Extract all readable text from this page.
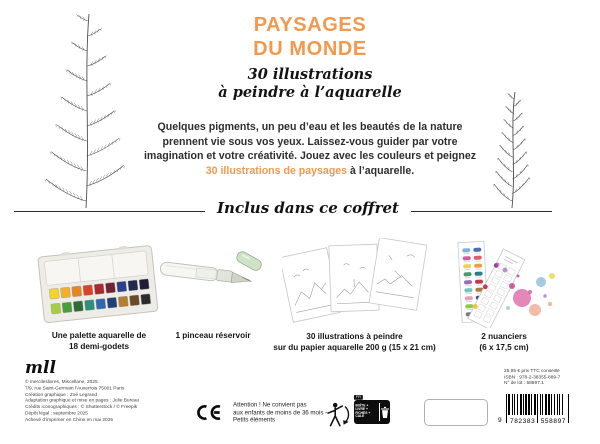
PAYSAGES
DU MONDE
30 illustrations
à peindre à l’aquarelle

Quelques pigments, un peu d’eau et les beautés de la nature prennent vie sous vos yeux. Laissez-vous guider par votre imagination et votre créativité. Jouez avec les couleurs et peignez 30 illustrations de paysages à l’aquarelle.

Inclus dans ce coffret
Une palette aquarelle de
18 demi-godets
1 pinceau réservoir	30 illustrations à peindre
sur du papier aquarelle 200 g (15 x 21 cm)
2 nuanciers
(6 x 17,5 cm)
mll
© mercileslivres, Miscellane, 2025
7/9, rue Saint-Germain l’Auxerrois 75001 Paris
Création graphique : Zoé Legrand
Adaptation graphique et mise en pages : Julie Bureau
Crédits iconographiques : © Shutterstock / © Freepik
Dépôt légal : septembre 2025
Achevé d’imprimer en Chine en mai 2025
Attention ! Ne convient pas
aux enfants de moins de 36 mois –
Petits éléments
FR
BOÎTE +
LIVRE +
FICHES +
CALE
25,95 € prix TTC conseillé
ISBN : 978-2-38355-889-7
N° de lot : 58897.1
9 782383 558897
